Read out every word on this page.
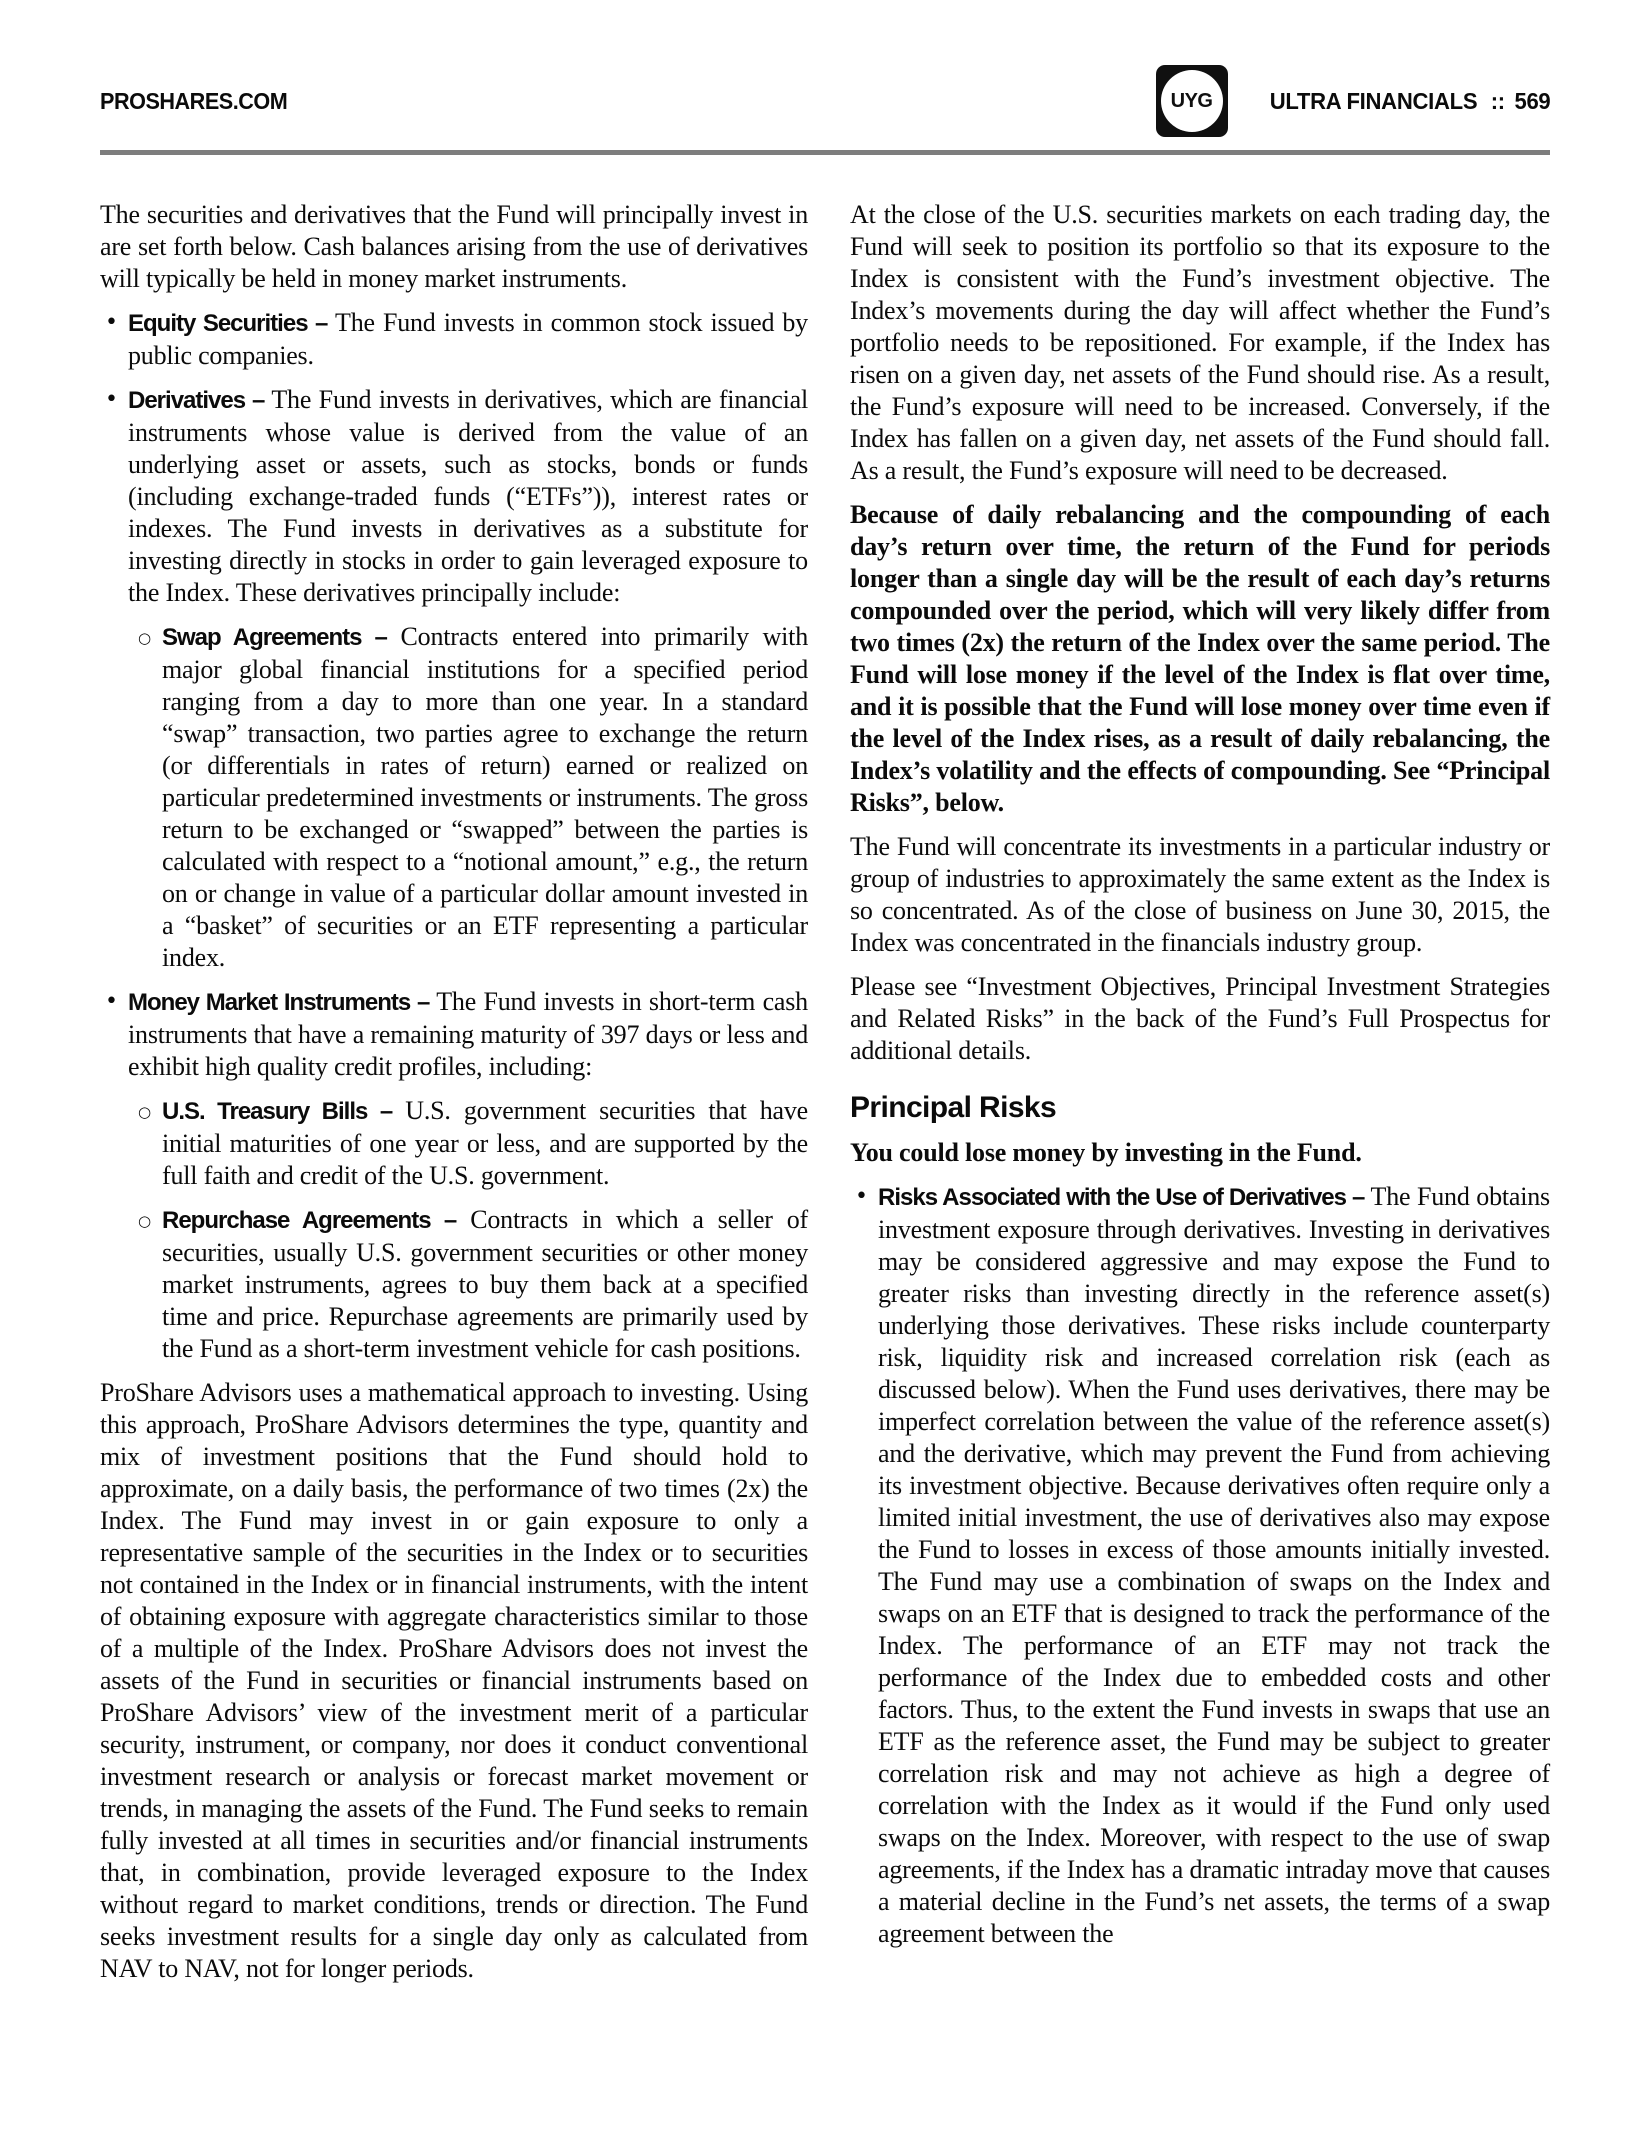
PROSHARES.COM	UYG ULTRA FINANCIALS :: 569

The securities and derivatives that the Fund will principally invest in are set forth below. Cash balances arising from the use of derivatives will typically be held in money market instruments.

• Equity Securities – The Fund invests in common stock issued by public companies.
• Derivatives – The Fund invests in derivatives, which are financial instruments whose value is derived from the value of an underlying asset or assets, such as stocks, bonds or funds (including exchange-traded funds (“ETFs”)), interest rates or indexes. The Fund invests in derivatives as a substitute for investing directly in stocks in order to gain leveraged exposure to the Index. These derivatives principally include:
○ Swap Agreements – Contracts entered into primarily with major global financial institutions for a specified period ranging from a day to more than one year. In a standard “swap” transaction, two parties agree to exchange the return (or differentials in rates of return) earned or realized on particular predetermined investments or instruments. The gross return to be exchanged or “swapped” between the parties is calculated with respect to a “notional amount,” e.g., the return on or change in value of a particular dollar amount invested in a “basket” of securities or an ETF representing a particular index.
• Money Market Instruments – The Fund invests in short-term cash instruments that have a remaining maturity of 397 days or less and exhibit high quality credit profiles, including:
○ U.S. Treasury Bills – U.S. government securities that have initial maturities of one year or less, and are supported by the full faith and credit of the U.S. government.
○ Repurchase Agreements – Contracts in which a seller of securities, usually U.S. government securities or other money market instruments, agrees to buy them back at a specified time and price. Repurchase agreements are primarily used by the Fund as a short-term investment vehicle for cash positions.

ProShare Advisors uses a mathematical approach to investing. Using this approach, ProShare Advisors determines the type, quantity and mix of investment positions that the Fund should hold to approximate, on a daily basis, the performance of two times (2x) the Index. The Fund may invest in or gain exposure to only a representative sample of the securities in the Index or to securities not contained in the Index or in financial instruments, with the intent of obtaining exposure with aggregate characteristics similar to those of a multiple of the Index. ProShare Advisors does not invest the assets of the Fund in securities or financial instruments based on ProShare Advisors’ view of the investment merit of a particular security, instrument, or company, nor does it conduct conventional investment research or analysis or forecast market movement or trends, in managing the assets of the Fund. The Fund seeks to remain fully invested at all times in securities and/or financial instruments that, in combination, provide leveraged exposure to the Index without regard to market conditions, trends or direction. The Fund seeks investment results for a single day only as calculated from NAV to NAV, not for longer periods.

At the close of the U.S. securities markets on each trading day, the Fund will seek to position its portfolio so that its exposure to the Index is consistent with the Fund’s investment objective. The Index’s movements during the day will affect whether the Fund’s portfolio needs to be repositioned. For example, if the Index has risen on a given day, net assets of the Fund should rise. As a result, the Fund’s exposure will need to be increased. Conversely, if the Index has fallen on a given day, net assets of the Fund should fall. As a result, the Fund’s exposure will need to be decreased.

Because of daily rebalancing and the compounding of each day’s return over time, the return of the Fund for periods longer than a single day will be the result of each day’s returns compounded over the period, which will very likely differ from two times (2x) the return of the Index over the same period. The Fund will lose money if the level of the Index is flat over time, and it is possible that the Fund will lose money over time even if the level of the Index rises, as a result of daily rebalancing, the Index’s volatility and the effects of compounding. See “Principal Risks”, below.

The Fund will concentrate its investments in a particular industry or group of industries to approximately the same extent as the Index is so concentrated. As of the close of business on June 30, 2015, the Index was concentrated in the financials industry group.

Please see “Investment Objectives, Principal Investment Strategies and Related Risks” in the back of the Fund’s Full Prospectus for additional details.

Principal Risks

You could lose money by investing in the Fund.

• Risks Associated with the Use of Derivatives – The Fund obtains investment exposure through derivatives. Investing in derivatives may be considered aggressive and may expose the Fund to greater risks than investing directly in the reference asset(s) underlying those derivatives. These risks include counterparty risk, liquidity risk and increased correlation risk (each as discussed below). When the Fund uses derivatives, there may be imperfect correlation between the value of the reference asset(s) and the derivative, which may prevent the Fund from achieving its investment objective. Because derivatives often require only a limited initial investment, the use of derivatives also may expose the Fund to losses in excess of those amounts initially invested. The Fund may use a combination of swaps on the Index and swaps on an ETF that is designed to track the performance of the Index. The performance of an ETF may not track the performance of the Index due to embedded costs and other factors. Thus, to the extent the Fund invests in swaps that use an ETF as the reference asset, the Fund may be subject to greater correlation risk and may not achieve as high a degree of correlation with the Index as it would if the Fund only used swaps on the Index. Moreover, with respect to the use of swap agreements, if the Index has a dramatic intraday move that causes a material decline in the Fund’s net assets, the terms of a swap agreement between the
